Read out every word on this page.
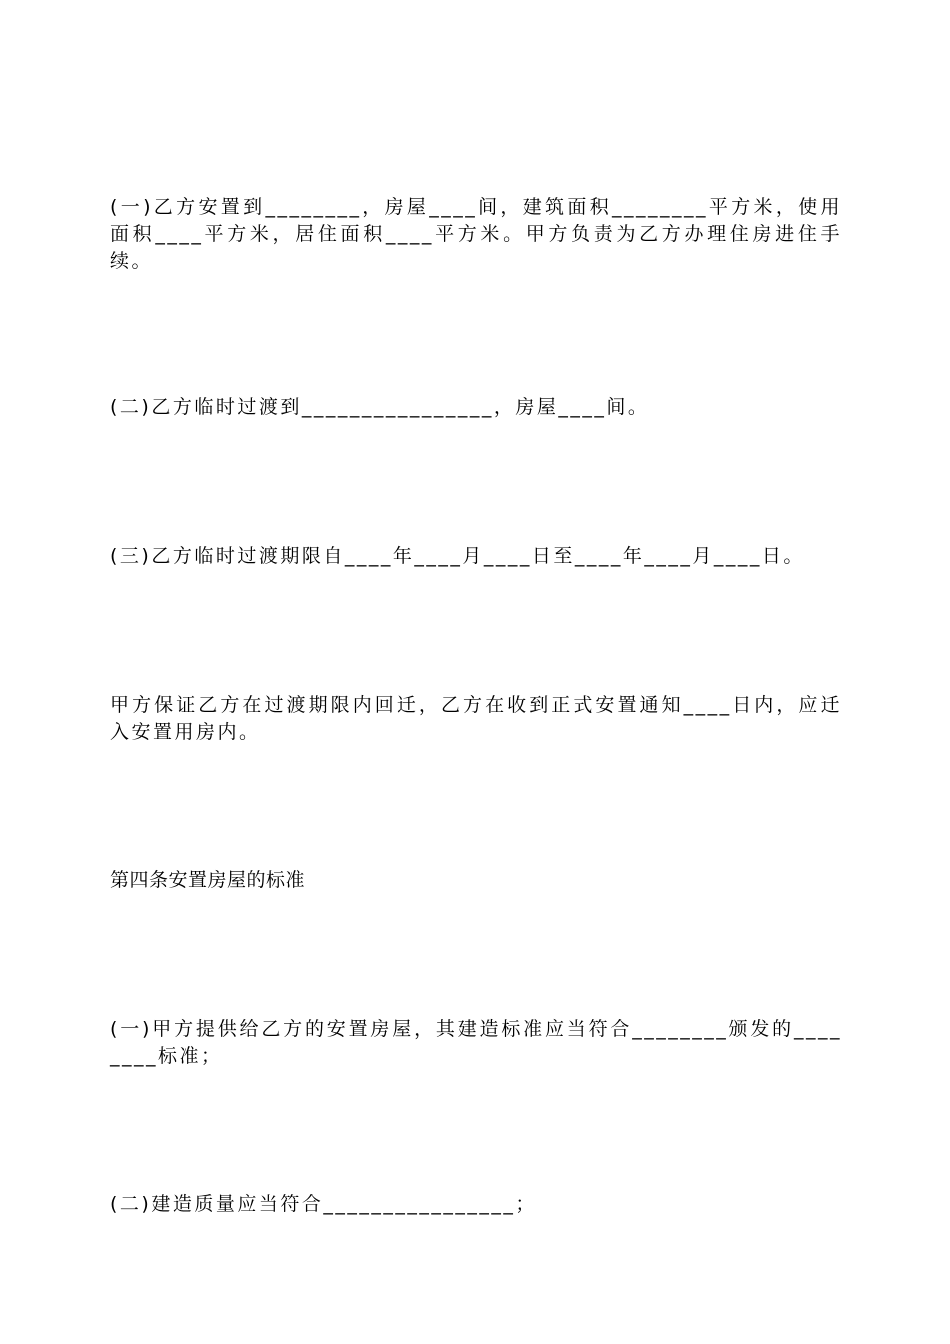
(一)乙方安置到________，房屋____间，建筑面积________平方米，使用面积____平方米，居住面积____平方米。甲方负责为乙方办理住房进住手续。

(二)乙方临时过渡到________________，房屋____间。

(三)乙方临时过渡期限自____年____月____日至____年____月____日。

甲方保证乙方在过渡期限内回迁，乙方在收到正式安置通知____日内，应迁入安置用房内。

第四条安置房屋的标准

(一)甲方提供给乙方的安置房屋，其建造标准应当符合________颁发的________标准；

(二)建造质量应当符合________________；
